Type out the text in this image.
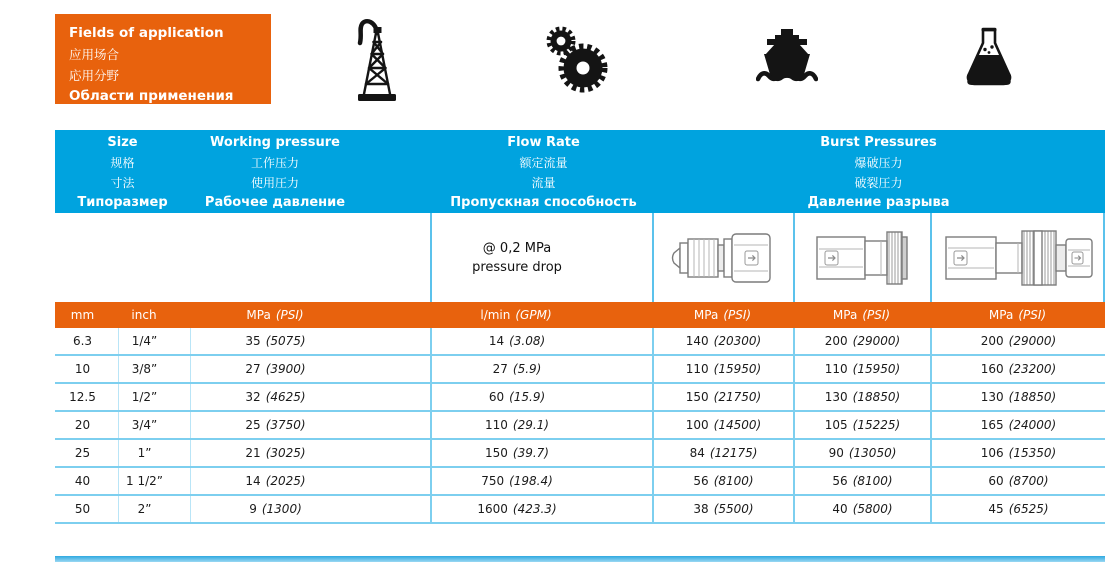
Fields of application
应用场合
応用分野
Области применения
Size
规格
寸法
Типоразмер
Working pressure
工作压力
使用圧力
Рабочее давление
Flow Rate
额定流量
流量
Пропускная способность
Burst Pressures
爆破压力
破裂圧力
Давление разрыва
@ 0,2 MPa
pressure drop
mm	inch	MPa (PSI)	l/min (GPM)	MPa (PSI)	MPa (PSI)	MPa (PSI)
6.3	1/4”	35 (5075)	14 (3.08)	140 (20300)	200 (29000)	200 (29000)
10	3/8”	27 (3900)	27 (5.9)	110 (15950)	110 (15950)	160 (23200)
12.5	1/2”	32 (4625)	60 (15.9)	150 (21750)	130 (18850)	130 (18850)
20	3/4”	25 (3750)	110 (29.1)	100 (14500)	105 (15225)	165 (24000)
25	1”	21 (3025)	150 (39.7)	84 (12175)	90 (13050)	106 (15350)
40	1 1/2”	14 (2025)	750 (198.4)	56 (8100)	56 (8100)	60 (8700)
50	2”	9 (1300)	1600 (423.3)	38 (5500)	40 (5800)	45 (6525)
